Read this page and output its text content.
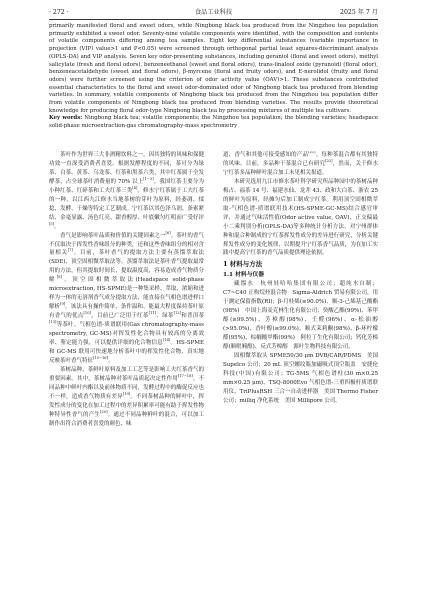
· 272 ·	食品工业科技	2025 年 7 月

primarily manifested floral and sweet odors, while Ningbong black tea produced from the Ningzhou tea population primarily exhibited a sweet odor. Seventy-nine volatile components were identified, with the composition and contents of volatile components differing among tea samples. Eight key differential substances (variable importance in projection (VIP) value>1 and P<0.05) were screened through orthogonal partial least squares-discriminant analysis (OPLS-DA) and VIP analysis. Seven key odor-presenting substances, including geraniol (floral and sweet odors), methyl salicylate (fresh and floral odors), benzeneethanol (sweet and floral odors), trans-linalool oxide (pyranoid) (floral odor), benzeneacetaldehyde (sweet and floral odors), β-myrcene (floral and fruity odors), and E-nerolidol (fruity and floral odors) were further screened using the criterion of odor activity value (OAV)>1. These substances contributed essential characteristics to the floral and sweet odor-dominated odor of Ningbong black tea produced from blending varieties. In summary, volatile components of Ningbong black tea produced from the Ningzhou tea population differ from volatile components of Ningbong black tea produced from blending varieties. The results provide theoretical knowledge for producing floral odor-type Ningbong black tea by processing mixtures of multiple tea cultivars.

Key words: Ningbong black tea; volatile components; the Ningzhou tea population; the blending varieties; headspace solid-phase microextraction-gas chromatography-mass spectrometry

茶叶作为世界三大非酒精饮料之一，因其独特的风味和保健功效一直深受消费者喜爱。根据发酵程度的不同，茶可分为绿茶、白茶、黄茶、乌龙茶、红茶和黑茶六类，其中红茶属于全发酵茶，占全球茶叶消费量的 70% 以上[1−3]。我国红茶主要分为小种红茶、红碎茶和工夫红茶三类[4]。修水宁红茶属于工夫红茶的一种，以江西九江修水当地茶树的芽叶为原料，经萎凋、揉捻、发酵、干燥等特定工艺制成。宁红茶以其色泽乌润、条索紧结、金毫显露、汤色红亮、甜香醇厚、叶底嫩匀红明而广受好评[5]。

香气是影响茶叶品质和价值的关键因素之一[6]。茶叶的香气不仅取决于挥发性香味组分的种类，还和这些香味组分的相对含量相关[7]。目前，茶叶香气的提取方法主要有蒸馏萃取法(SDE)、顶空固相微萃取法等。蒸馏萃取法是茶叶香气提取最常用的方法，但其提取时间长，提取温度高，容易造成香气物质分解[8]。顶空固相微萃取法(Headspace solid-phase microextraction, HS-SPME)是一种集采样、萃取、浓缩和进样为一体的无溶剂香气成分提取方法，能直接在气相色谱进样口解析[9]。该法具有操作简单、条件温和、能最大程度保持茶叶原有香气的优点[10]，目前已广泛用于红茶[11]、绿茶[12]和普洱茶[13]等茶叶。气相色谱-质谱联用(Gas chromatography-mass spectrometry, GC-MS)对挥发性化合物具有较高的分离效率、鉴定能力强，可以提供详细的化合物信息[14]。HS-SPME 和 GC-MS 联用可快速地分析茶叶中的挥发性化合物，真实地反映茶叶香气特征[15−16]。

茶树品种、茶鲜叶原料及加工工艺等是影响工夫红茶香气的重要因素。其中，茶树品种对茶叶品质起决定性作用[17−18]。不同品种中鲜叶内酯以及前体物质不同，发酵过程中的酶促反应也不一样，造成香气物质有差异[19]。不同茶树品种的鲜叶中，挥发性成分的变化在加工过程中的差异积累率可能有助于挥发性物种特异性香气的产生[20]。通过不同品种鲜叶的混合，可以加工制作出符合消费者喜爱的颜色、味

道、香气和其他可接受感知的产品[21]。每种茶混合都有其独特的风味。目前，多品种干茶混合已有研究[22]，然而，关于修水宁红茶多品种鲜叶混合加工未见相关报道。

本研究选用九江市修水茶叶科学研究所品种园中的茶树品种梅占、福茶 14 号、福建水仙、龙井 43、政和大白茶、浙农 25 的鲜叶为原料，经摊匀后加工制成宁红茶。利用顶空固相微萃取-气相色谱-质谱联用技术(HS-SPME-GC-MS)结合感官审评，并通过气味活性值(Odor active value, OAV)、正交偏最小二乘判别分析(OPLS-DA)等多种统计分析方法，对宁州群体种和混合种制成的宁红茶挥发性成分的差异进行研究，分析关键挥发性成分的变化规律，以期提升宁红茶香气品质，为在加工实践中提高宁红茶的香气品质提供理论依据。

1 材料与方法
1.1 材料与仪器

藏馏水　杭州娃哈哈集团有限公司；超纯水自制；C7~C40 正构烷烃混合物　Sigma-Aldrich 贸易有限公司，用于测定保留指数(RI)；β-月桂烯(≥90.0%)、顺-3-己烯基己酸酯(98%)　中国上海麦克林生化有限公司；癸酸乙酯(99%)、苯甲醇(≥99.5%)、芳樟醇(98%)、壬醛(96%)、α-松油醇(>95.0%)、香叶醇(≥99.0%)、顺式茉莉酮(98%)、β-环柠檬醛(95%)、棕榈酸甲酯(99%)　阿拉丁生化有限公司；钙化芳樟醇(顺吡喃醇)、反式芳樟醇　源叶生物科技有限公司。

固相微萃取头 SPME50/30 μm DVB/CAR/PDMS　美国 Supelco 公司；20 mL 顶空螺纹瓶加磁吸式顶空瓶盖　安捷伦科技(中国)有限公司；TG-5MS 气相色谱柱(30 m×0.25 mm×0.25 μm)、TSQ-8000Evo 气相色谱-三重四极杆质谱联用仪、TriPlusRSH 三合一自动进样器　美国 Thermo Fisher 公司；milliq 净化系统　美国 Millipore 公司。
